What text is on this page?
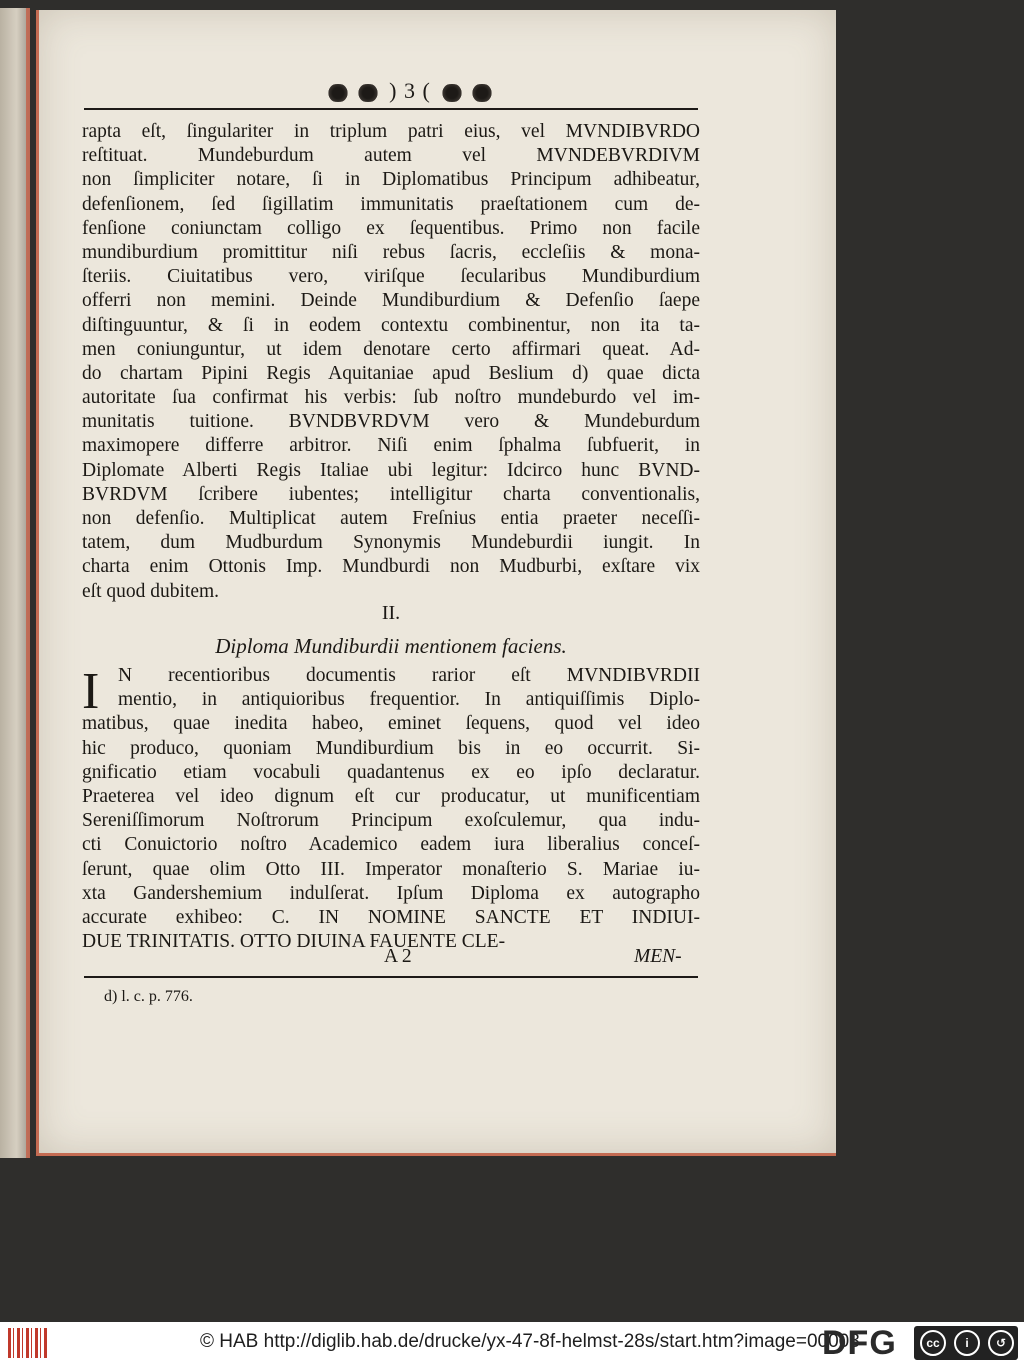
) 3 (
rapta eſt, ſingulariter in triplum patri eius, vel MVNDIBVRDO
reſtituat. Mundeburdum autem vel MVNDEBVRDIVM
non ſimpliciter notare, ſi in Diplomatibus Principum adhibeatur,
defenſionem, ſed ſigillatim immunitatis praeſtationem cum de-
fenſione coniunctam colligo ex ſequentibus. Primo non facile
mundiburdium promittitur niſi rebus ſacris, eccleſiis & mona-
ſteriis. Ciuitatibus vero, viriſque ſecularibus Mundiburdium
offerri non memini. Deinde Mundiburdium & Defenſio ſaepe
diſtinguuntur, & ſi in eodem contextu combinentur, non ita ta-
men coniunguntur, ut idem denotare certo affirmari queat. Ad-
do chartam Pipini Regis Aquitaniae apud Beslium d) quae dicta
autoritate ſua confirmat his verbis: ſub noſtro mundeburdo vel im-
munitatis tuitione. BVNDBVRDVM vero & Mundeburdum
maximopere differre arbitror. Niſi enim ſphalma ſubfuerit, in
Diplomate Alberti Regis Italiae ubi legitur: Idcirco hunc BVND-
BVRDVM ſcribere iubentes; intelligitur charta conventionalis,
non defenſio. Multiplicat autem Freſnius entia praeter neceſſi-
tatem, dum Mudburdum Synonymis Mundeburdii iungit. In
charta enim Ottonis Imp. Mundburdi non Mudburbi, exſtare vix
eſt quod dubitem.
II.
Diploma Mundiburdii mentionem faciens.
I N recentioribus documentis rarior eſt MVNDIBVRDII
mentio, in antiquioribus frequentior. In antiquiſſimis Diplo-
matibus, quae inedita habeo, eminet ſequens, quod vel ideo
hic produco, quoniam Mundiburdium bis in eo occurrit. Si-
gnificatio etiam vocabuli quadantenus ex eo ipſo declaratur.
Praeterea vel ideo dignum eſt cur producatur, ut munificentiam
Sereniſſimorum Noſtrorum Principum exoſculemur, qua indu-
cti Conuictorio noſtro Academico eadem iura liberalius conceſ-
ſerunt, quae olim Otto III. Imperator monaſterio S. Mariae iu-
xta Gandershemium indulſerat. Ipſum Diploma ex autographo
accurate exhibeo: C. IN NOMINE SANCTE ET INDIUI-
DUE TRINITATIS. OTTO DIUINA FAUENTE CLE-
A 2	MEN-
d) l. c. p. 776.
© HAB http://diglib.hab.de/drucke/yx-47-8f-helmst-28s/start.htm?image=00003
DFG	cc	i	↺
